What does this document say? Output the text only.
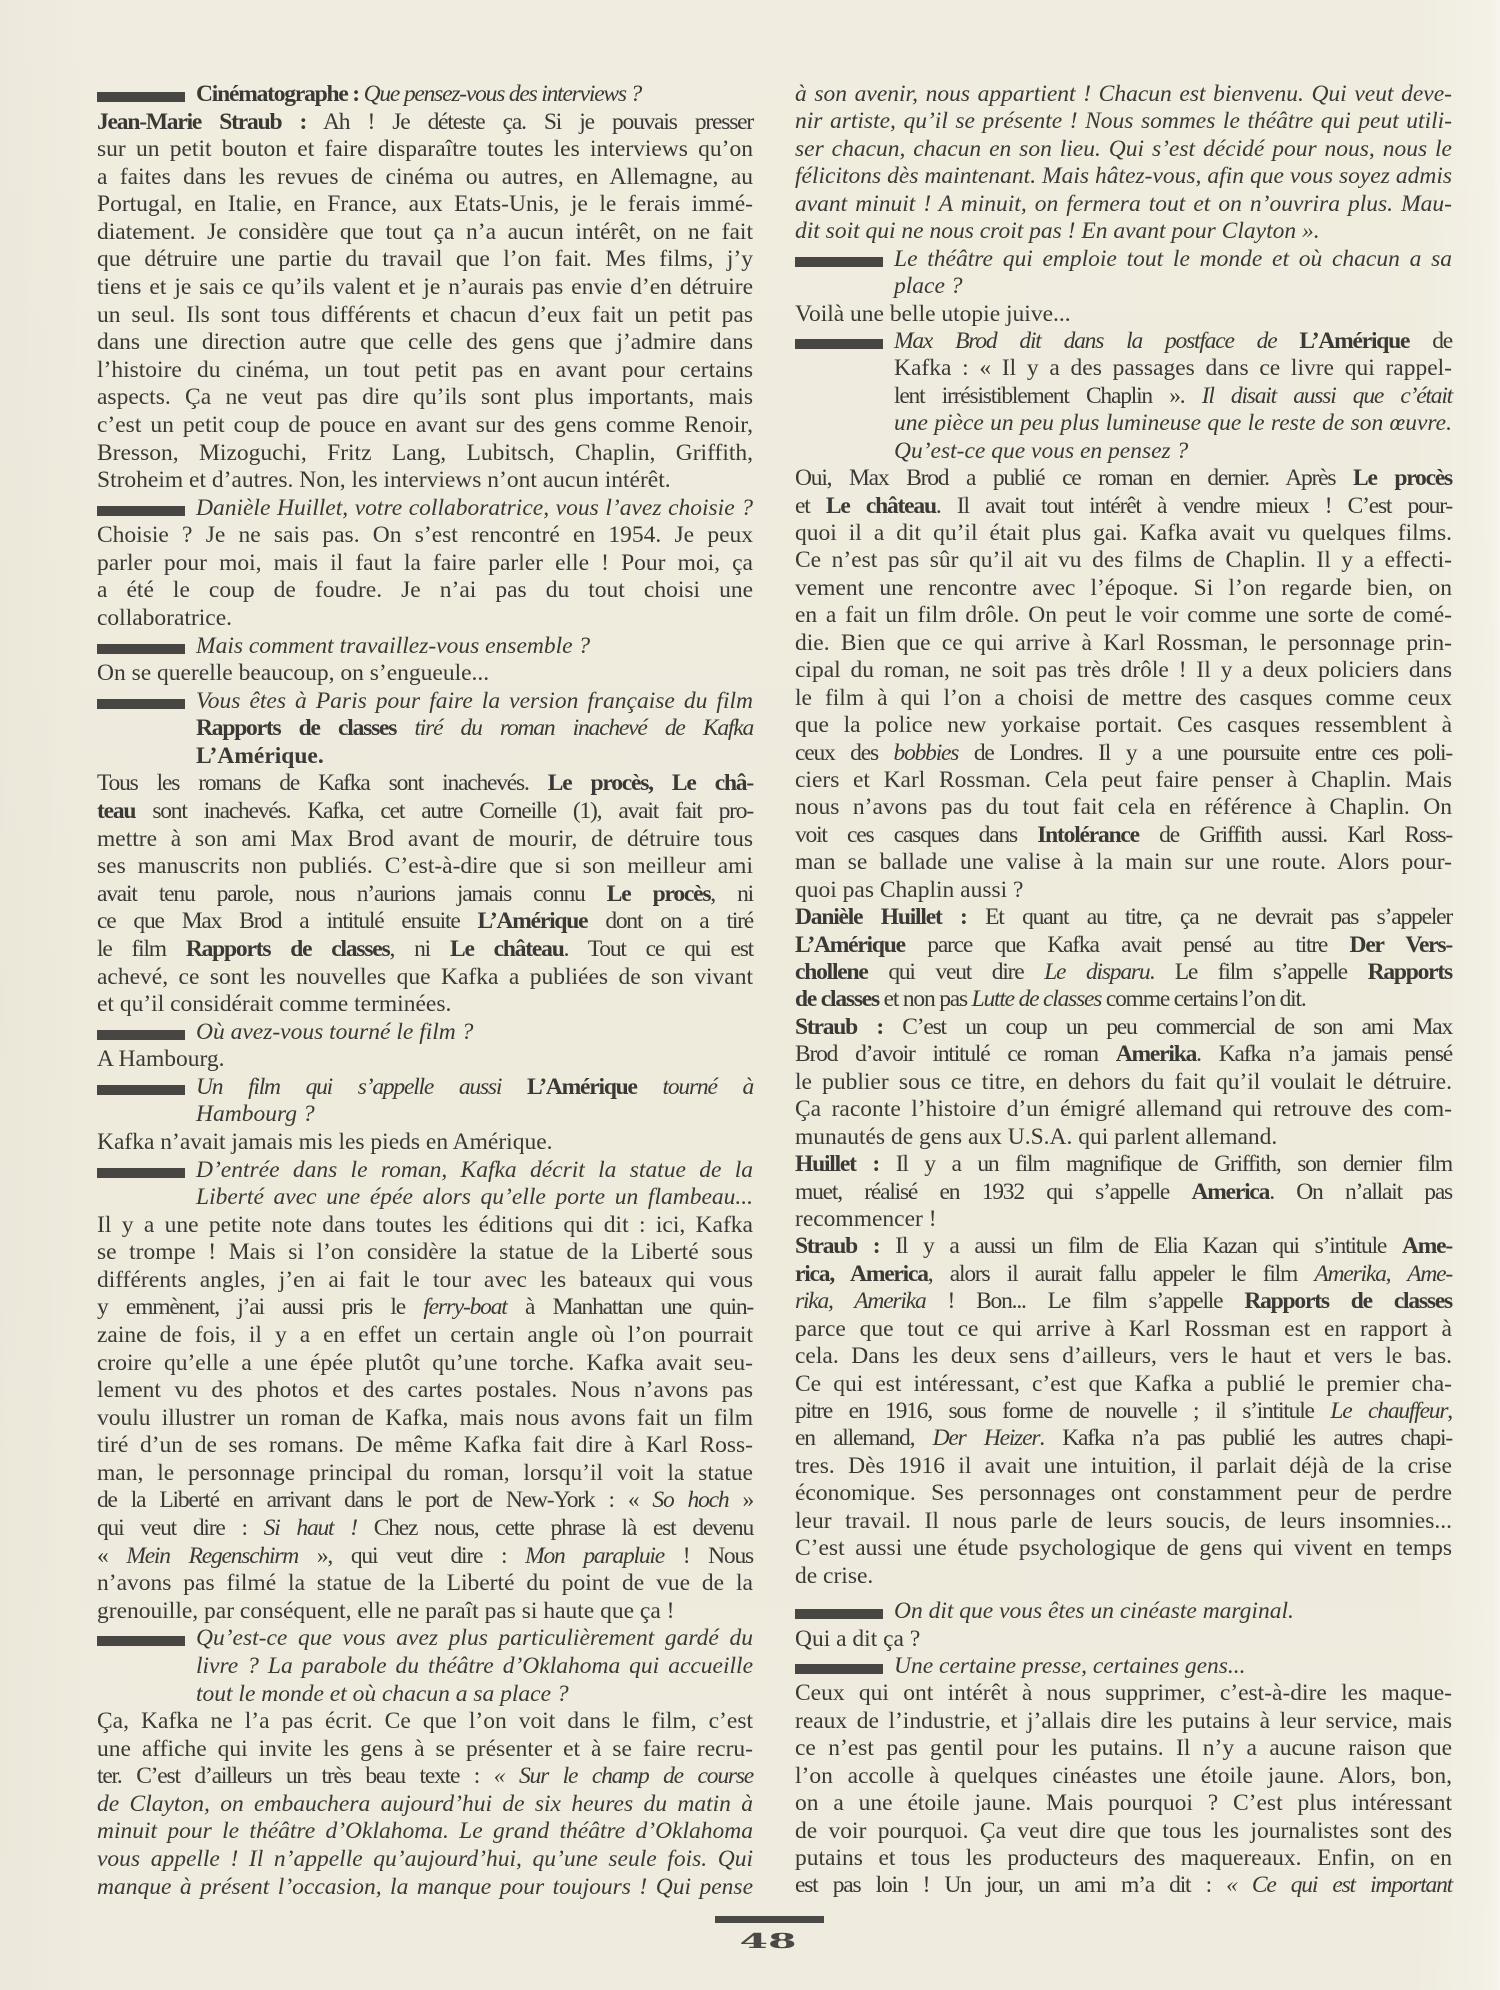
Cinématographe : Que pensez-vous des interviews ?
Jean-Marie Straub : Ah ! Je déteste ça. Si je pouvais presser
sur un petit bouton et faire disparaître toutes les interviews qu’on
a faites dans les revues de cinéma ou autres, en Allemagne, au
Portugal, en Italie, en France, aux Etats-Unis, je le ferais immé-
diatement. Je considère que tout ça n’a aucun intérêt, on ne fait
que détruire une partie du travail que l’on fait. Mes films, j’y
tiens et je sais ce qu’ils valent et je n’aurais pas envie d’en détruire
un seul. Ils sont tous différents et chacun d’eux fait un petit pas
dans une direction autre que celle des gens que j’admire dans
l’histoire du cinéma, un tout petit pas en avant pour certains
aspects. Ça ne veut pas dire qu’ils sont plus importants, mais
c’est un petit coup de pouce en avant sur des gens comme Renoir,
Bresson, Mizoguchi, Fritz Lang, Lubitsch, Chaplin, Griffith,
Stroheim et d’autres. Non, les interviews n’ont aucun intérêt.
Danièle Huillet, votre collaboratrice, vous l’avez choisie ?
Choisie ? Je ne sais pas. On s’est rencontré en 1954. Je peux
parler pour moi, mais il faut la faire parler elle ! Pour moi, ça
a été le coup de foudre. Je n’ai pas du tout choisi une
collaboratrice.
Mais comment travaillez-vous ensemble ?
On se querelle beaucoup, on s’engueule...
Vous êtes à Paris pour faire la version française du film
Rapports de classes tiré du roman inachevé de Kafka
L’Amérique.
Tous les romans de Kafka sont inachevés. Le procès, Le châ-
teau sont inachevés. Kafka, cet autre Corneille (1), avait fait pro-
mettre à son ami Max Brod avant de mourir, de détruire tous
ses manuscrits non publiés. C’est-à-dire que si son meilleur ami
avait tenu parole, nous n’aurions jamais connu Le procès, ni
ce que Max Brod a intitulé ensuite L’Amérique dont on a tiré
le film Rapports de classes, ni Le château. Tout ce qui est
achevé, ce sont les nouvelles que Kafka a publiées de son vivant
et qu’il considérait comme terminées.
Où avez-vous tourné le film ?
A Hambourg.
Un film qui s’appelle aussi L’Amérique tourné à
Hambourg ?
Kafka n’avait jamais mis les pieds en Amérique.
D’entrée dans le roman, Kafka décrit la statue de la
Liberté avec une épée alors qu’elle porte un flambeau...
Il y a une petite note dans toutes les éditions qui dit : ici, Kafka
se trompe ! Mais si l’on considère la statue de la Liberté sous
différents angles, j’en ai fait le tour avec les bateaux qui vous
y emmènent, j’ai aussi pris le ferry-boat à Manhattan une quin-
zaine de fois, il y a en effet un certain angle où l’on pourrait
croire qu’elle a une épée plutôt qu’une torche. Kafka avait seu-
lement vu des photos et des cartes postales. Nous n’avons pas
voulu illustrer un roman de Kafka, mais nous avons fait un film
tiré d’un de ses romans. De même Kafka fait dire à Karl Ross-
man, le personnage principal du roman, lorsqu’il voit la statue
de la Liberté en arrivant dans le port de New-York : « So hoch »
qui veut dire : Si haut ! Chez nous, cette phrase là est devenu
« Mein Regenschirm », qui veut dire : Mon parapluie ! Nous
n’avons pas filmé la statue de la Liberté du point de vue de la
grenouille, par conséquent, elle ne paraît pas si haute que ça !
Qu’est-ce que vous avez plus particulièrement gardé du
livre ? La parabole du théâtre d’Oklahoma qui accueille
tout le monde et où chacun a sa place ?
Ça, Kafka ne l’a pas écrit. Ce que l’on voit dans le film, c’est
une affiche qui invite les gens à se présenter et à se faire recru-
ter. C’est d’ailleurs un très beau texte : « Sur le champ de course
de Clayton, on embauchera aujourd’hui de six heures du matin à
minuit pour le théâtre d’Oklahoma. Le grand théâtre d’Oklahoma
vous appelle ! Il n’appelle qu’aujourd’hui, qu’une seule fois. Qui
manque à présent l’occasion, la manque pour toujours ! Qui pense
à son avenir, nous appartient ! Chacun est bienvenu. Qui veut deve-
nir artiste, qu’il se présente ! Nous sommes le théâtre qui peut utili-
ser chacun, chacun en son lieu. Qui s’est décidé pour nous, nous le
félicitons dès maintenant. Mais hâtez-vous, afin que vous soyez admis
avant minuit ! A minuit, on fermera tout et on n’ouvrira plus. Mau-
dit soit qui ne nous croit pas ! En avant pour Clayton ».
Le théâtre qui emploie tout le monde et où chacun a sa
place ?
Voilà une belle utopie juive...
Max Brod dit dans la postface de L’Amérique de
Kafka : « Il y a des passages dans ce livre qui rappel-
lent irrésistiblement Chaplin ». Il disait aussi que c’était
une pièce un peu plus lumineuse que le reste de son œuvre.
Qu’est-ce que vous en pensez ?
Oui, Max Brod a publié ce roman en dernier. Après Le procès
et Le château. Il avait tout intérêt à vendre mieux ! C’est pour-
quoi il a dit qu’il était plus gai. Kafka avait vu quelques films.
Ce n’est pas sûr qu’il ait vu des films de Chaplin. Il y a effecti-
vement une rencontre avec l’époque. Si l’on regarde bien, on
en a fait un film drôle. On peut le voir comme une sorte de comé-
die. Bien que ce qui arrive à Karl Rossman, le personnage prin-
cipal du roman, ne soit pas très drôle ! Il y a deux policiers dans
le film à qui l’on a choisi de mettre des casques comme ceux
que la police new yorkaise portait. Ces casques ressemblent à
ceux des bobbies de Londres. Il y a une poursuite entre ces poli-
ciers et Karl Rossman. Cela peut faire penser à Chaplin. Mais
nous n’avons pas du tout fait cela en référence à Chaplin. On
voit ces casques dans Intolérance de Griffith aussi. Karl Ross-
man se ballade une valise à la main sur une route. Alors pour-
quoi pas Chaplin aussi ?
Danièle Huillet : Et quant au titre, ça ne devrait pas s’appeler
L’Amérique parce que Kafka avait pensé au titre Der Vers-
chollene qui veut dire Le disparu. Le film s’appelle Rapports
de classes et non pas Lutte de classes comme certains l’on dit.
Straub : C’est un coup un peu commercial de son ami Max
Brod d’avoir intitulé ce roman Amerika. Kafka n’a jamais pensé
le publier sous ce titre, en dehors du fait qu’il voulait le détruire.
Ça raconte l’histoire d’un émigré allemand qui retrouve des com-
munautés de gens aux U.S.A. qui parlent allemand.
Huillet : Il y a un film magnifique de Griffith, son dernier film
muet, réalisé en 1932 qui s’appelle America. On n’allait pas
recommencer !
Straub : Il y a aussi un film de Elia Kazan qui s’intitule Ame-
rica, America, alors il aurait fallu appeler le film Amerika, Ame-
rika, Amerika ! Bon... Le film s’appelle Rapports de classes
parce que tout ce qui arrive à Karl Rossman est en rapport à
cela. Dans les deux sens d’ailleurs, vers le haut et vers le bas.
Ce qui est intéressant, c’est que Kafka a publié le premier cha-
pitre en 1916, sous forme de nouvelle ; il s’intitule Le chauffeur,
en allemand, Der Heizer. Kafka n’a pas publié les autres chapi-
tres. Dès 1916 il avait une intuition, il parlait déjà de la crise
économique. Ses personnages ont constamment peur de perdre
leur travail. Il nous parle de leurs soucis, de leurs insomnies...
C’est aussi une étude psychologique de gens qui vivent en temps
de crise.
On dit que vous êtes un cinéaste marginal.
Qui a dit ça ?
Une certaine presse, certaines gens...
Ceux qui ont intérêt à nous supprimer, c’est-à-dire les maque-
reaux de l’industrie, et j’allais dire les putains à leur service, mais
ce n’est pas gentil pour les putains. Il n’y a aucune raison que
l’on accolle à quelques cinéastes une étoile jaune. Alors, bon,
on a une étoile jaune. Mais pourquoi ? C’est plus intéressant
de voir pourquoi. Ça veut dire que tous les journalistes sont des
putains et tous les producteurs des maquereaux. Enfin, on en
est pas loin ! Un jour, un ami m’a dit : « Ce qui est important
48
